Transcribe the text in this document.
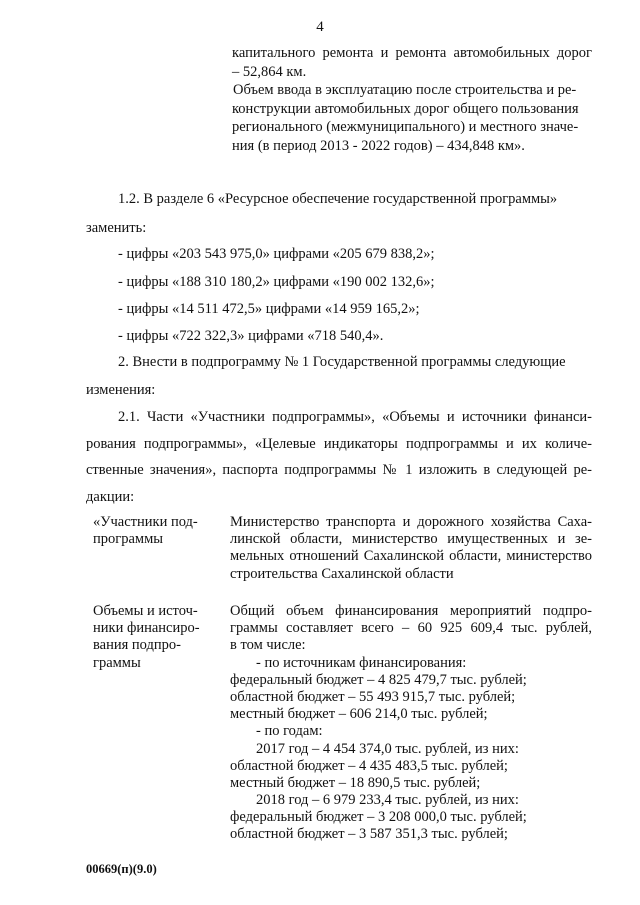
4
капитального ремонта и ремонта автомобильных дорог
– 52,864 км.
Объем ввода в эксплуатацию после строительства и ре-
конструкции автомобильных дорог общего пользования
регионального (межмуниципального) и местного значе-
ния (в период 2013 - 2022 годов) – 434,848 км».
1.2. В разделе 6 «Ресурсное обеспечение государственной программы»
заменить:
- цифры «203 543 975,0» цифрами «205 679 838,2»;
- цифры «188 310 180,2» цифрами «190 002 132,6»;
- цифры «14 511 472,5» цифрами «14 959 165,2»;
- цифры «722 322,3» цифрами «718 540,4».
2. Внести в подпрограмму № 1 Государственной программы следующие
изменения:
2.1. Части «Участники подпрограммы», «Объемы и источники финанси-
рования подпрограммы», «Целевые индикаторы подпрограммы и их количе-
ственные значения», паспорта подпрограммы № 1 изложить в следующей ре-
дакции:
«Участники под-
программы
Министерство транспорта и дорожного хозяйства Саха-
линской области, министерство имущественных и зе-
мельных отношений Сахалинской области, министерство
строительства Сахалинской области
Объемы и источ-
ники финансиро-
вания подпро-
граммы
Общий объем финансирования мероприятий подпро-
граммы составляет всего – 60 925 609,4 тыс. рублей,
в том числе:
- по источникам финансирования:
федеральный бюджет – 4 825 479,7 тыс. рублей;
областной бюджет – 55 493 915,7 тыс. рублей;
местный бюджет – 606 214,0 тыс. рублей;
- по годам:
2017 год – 4 454 374,0 тыс. рублей, из них:
областной бюджет – 4 435 483,5 тыс. рублей;
местный бюджет – 18 890,5 тыс. рублей;
2018 год – 6 979 233,4 тыс. рублей, из них:
федеральный бюджет – 3 208 000,0 тыс. рублей;
областной бюджет – 3 587 351,3 тыс. рублей;
00669(п)(9.0)
